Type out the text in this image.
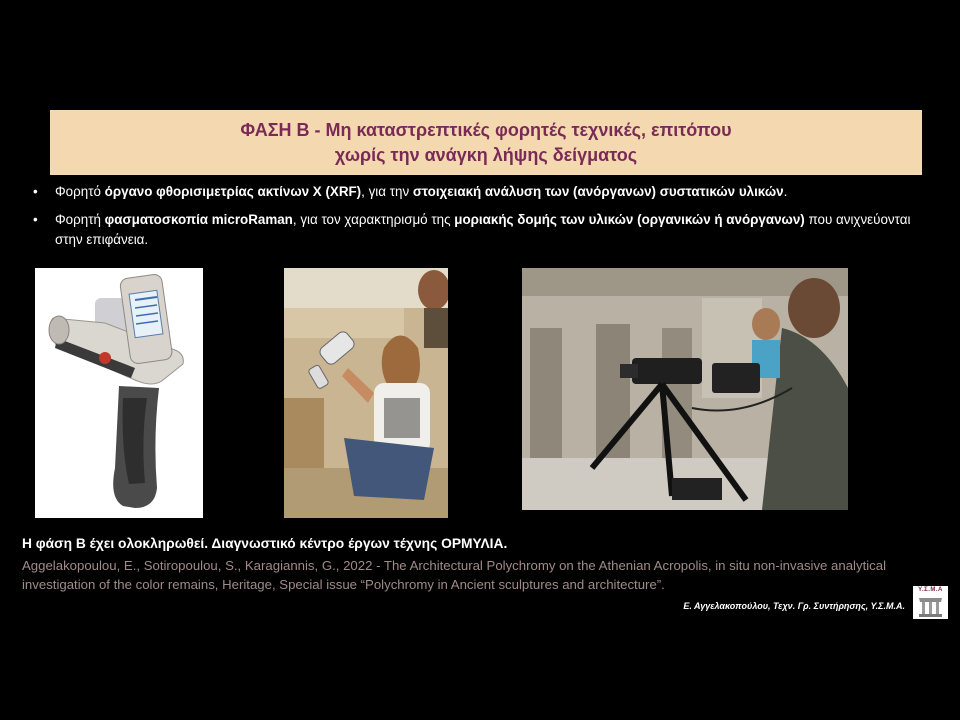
ΦΑΣΗ Β - Μη καταστρεπτικές φορητές τεχνικές, επιτόπου
χωρίς την ανάγκη λήψης δείγματος
• Φορητό όργανο φθορισιμετρίας ακτίνων Χ (XRF), για την στοιχειακή ανάλυση των (ανόργανων) συστατικών υλικών.
• Φορητή φασματοσκοπία microRaman, για τον χαρακτηρισμό της μοριακής δομής των υλικών (οργανικών ή ανόργανων) που ανιχνεύονται στην επιφάνεια.
Η φάση Β έχει ολοκληρωθεί. Διαγνωστικό κέντρο έργων τέχνης ΟΡΜΥΛΙΑ.
Aggelakopoulou, E., Sotiropoulou, S., Karagiannis, G., 2022 - The Architectural Polychromy on the Athenian Acropolis, in situ non-invasive analytical investigation of the color remains, Heritage, Special issue “Polychromy in Ancient sculptures and architecture”.
Ε. Αγγελακοπούλου, Τεχν. Γρ. Συντήρησης, Υ.Σ.Μ.Α.
Υ.Σ.Μ.Α
